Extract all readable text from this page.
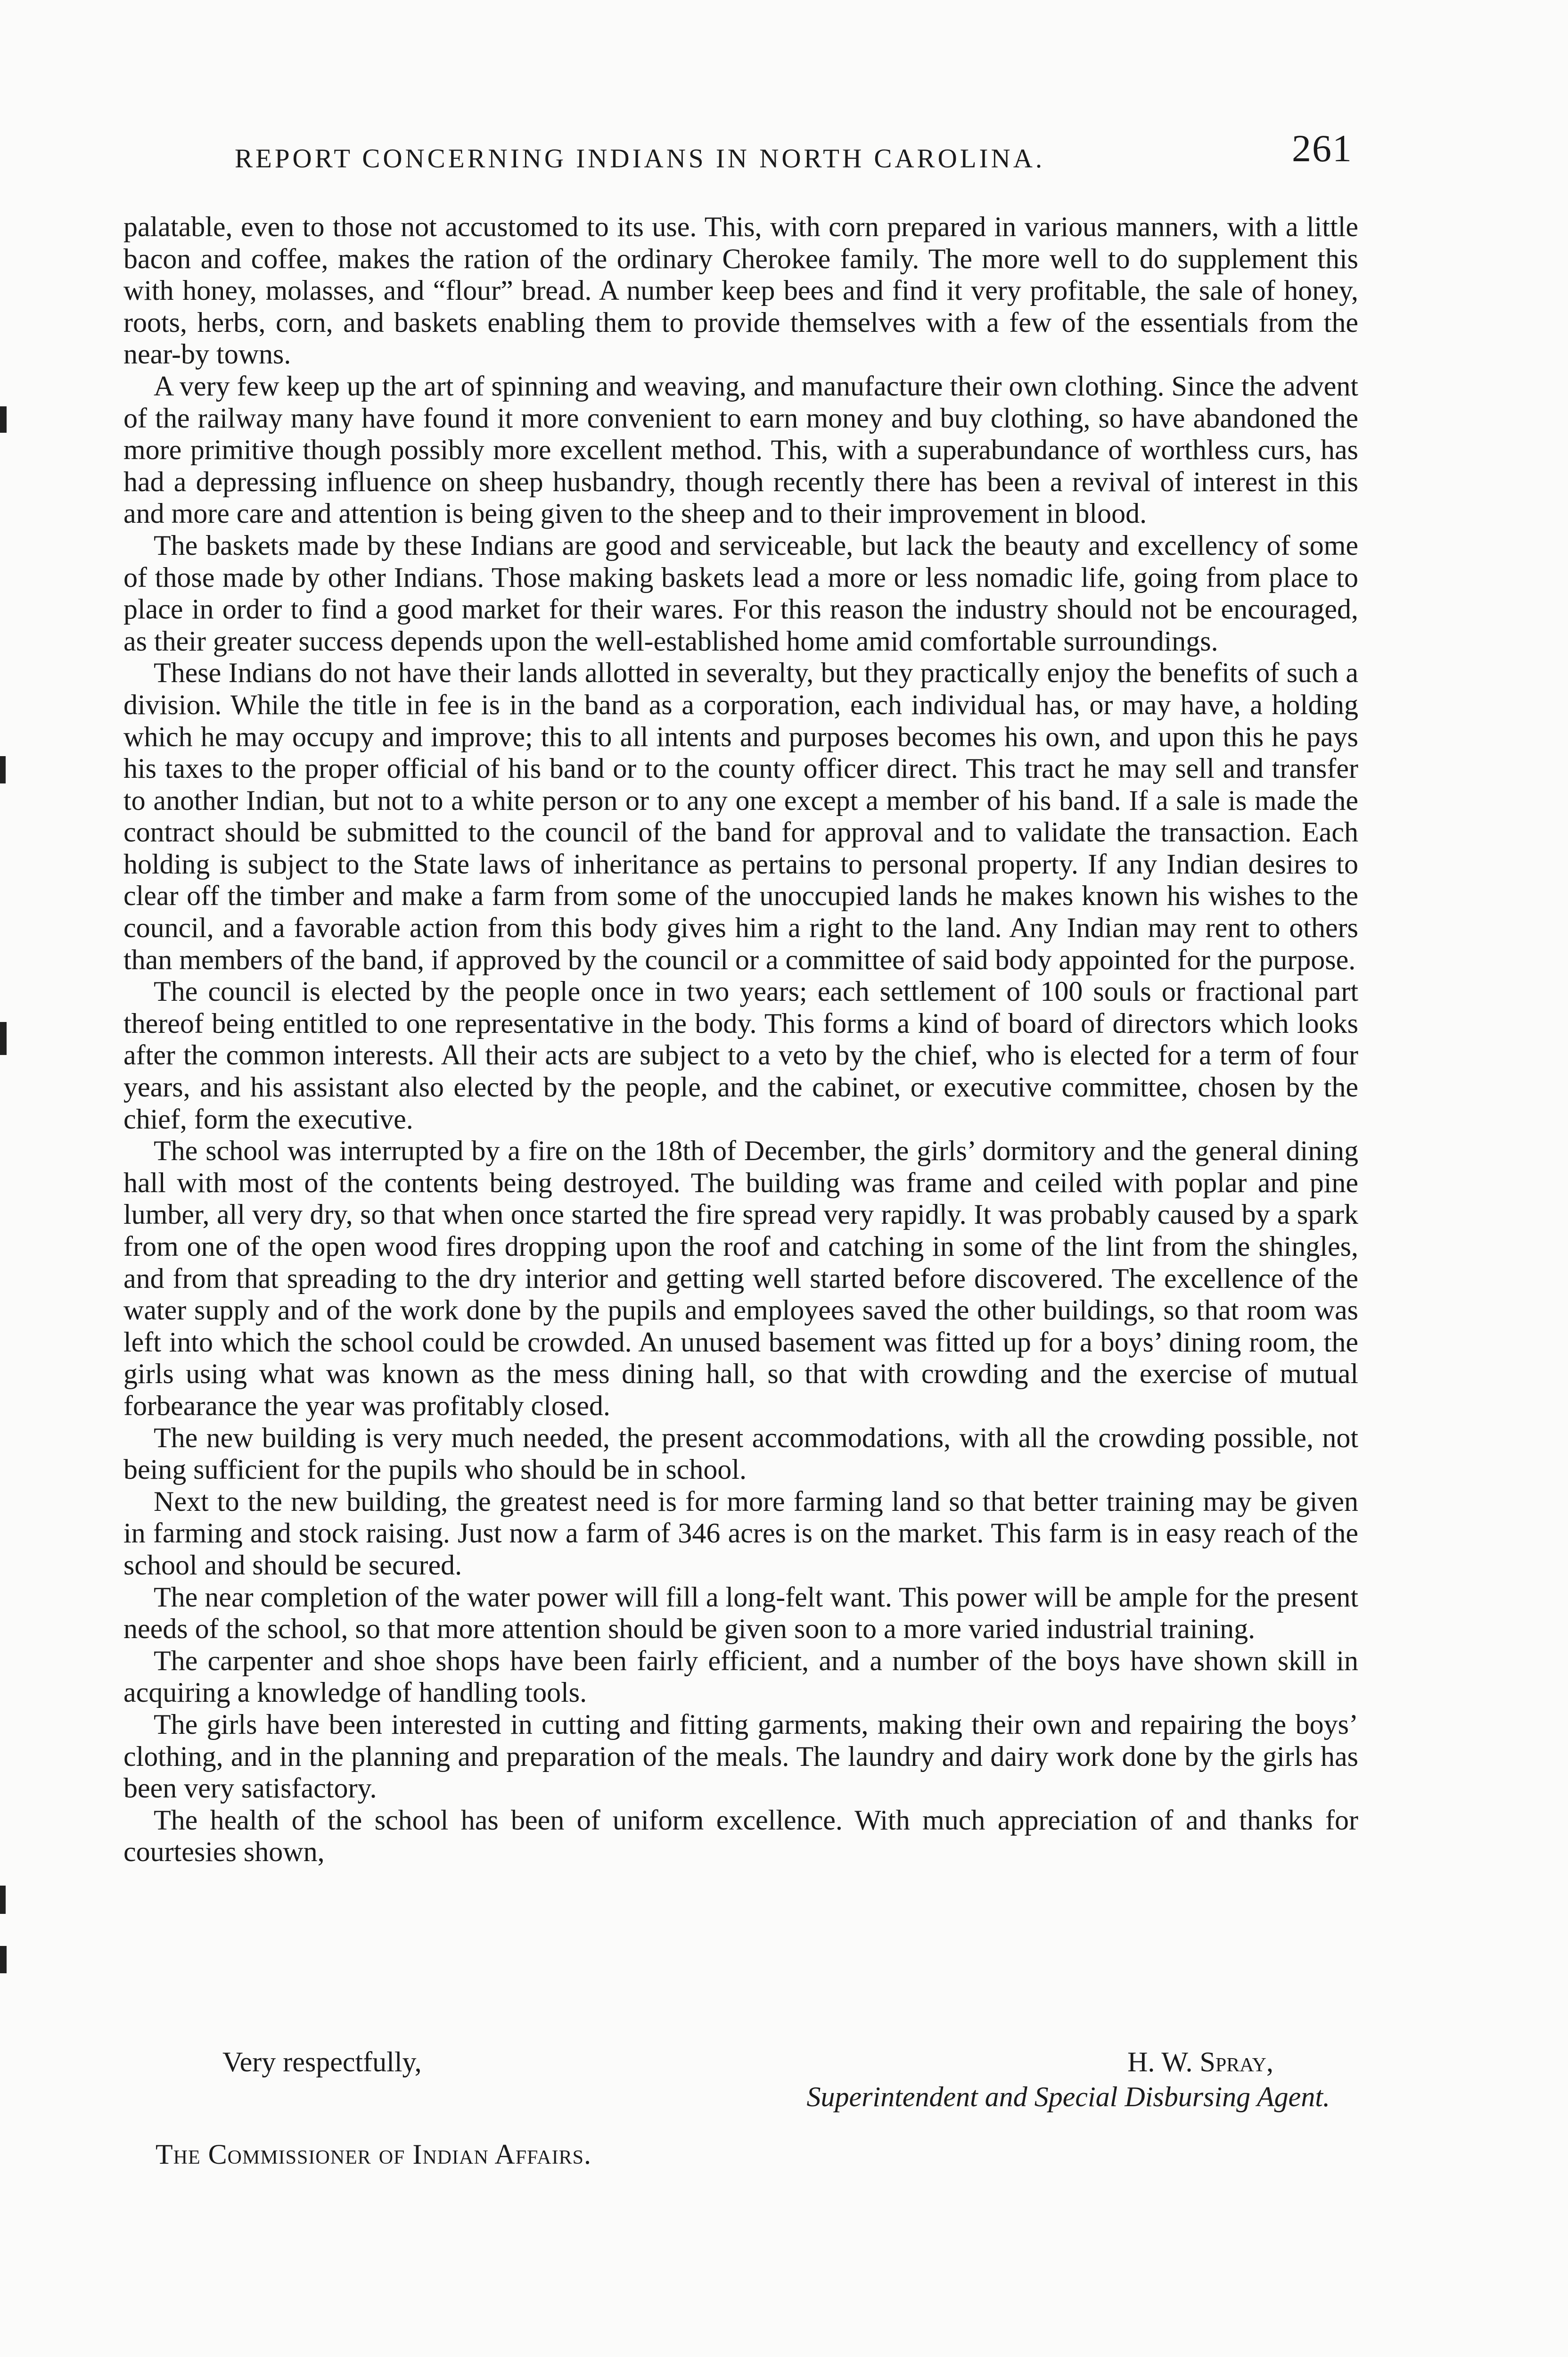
REPORT CONCERNING INDIANS IN NORTH CAROLINA.	261

palatable, even to those not accustomed to its use. This, with corn prepared in various manners, with a little bacon and coffee, makes the ration of the ordinary Cherokee family. The more well to do supplement this with honey, molasses, and “flour” bread. A number keep bees and find it very profitable, the sale of honey, roots, herbs, corn, and baskets enabling them to provide themselves with a few of the essentials from the near-by towns.

A very few keep up the art of spinning and weaving, and manufacture their own clothing. Since the advent of the railway many have found it more convenient to earn money and buy clothing, so have abandoned the more primitive though possibly more excellent method. This, with a superabundance of worthless curs, has had a depressing influence on sheep husbandry, though recently there has been a revival of interest in this and more care and attention is being given to the sheep and to their improvement in blood.

The baskets made by these Indians are good and serviceable, but lack the beauty and excellency of some of those made by other Indians. Those making baskets lead a more or less nomadic life, going from place to place in order to find a good market for their wares. For this reason the industry should not be encouraged, as their greater success depends upon the well-established home amid comfortable surroundings.

These Indians do not have their lands allotted in severalty, but they practically enjoy the benefits of such a division. While the title in fee is in the band as a corporation, each individual has, or may have, a holding which he may occupy and improve; this to all intents and purposes becomes his own, and upon this he pays his taxes to the proper official of his band or to the county officer direct. This tract he may sell and transfer to another Indian, but not to a white person or to any one except a member of his band. If a sale is made the contract should be submitted to the council of the band for approval and to validate the transaction. Each holding is subject to the State laws of inheritance as pertains to personal property. If any Indian desires to clear off the timber and make a farm from some of the unoccupied lands he makes known his wishes to the council, and a favorable action from this body gives him a right to the land. Any Indian may rent to others than members of the band, if approved by the council or a committee of said body appointed for the purpose.

The council is elected by the people once in two years; each settlement of 100 souls or fractional part thereof being entitled to one representative in the body. This forms a kind of board of directors which looks after the common interests. All their acts are subject to a veto by the chief, who is elected for a term of four years, and his assistant also elected by the people, and the cabinet, or executive committee, chosen by the chief, form the executive.

The school was interrupted by a fire on the 18th of December, the girls’ dormitory and the general dining hall with most of the contents being destroyed. The building was frame and ceiled with poplar and pine lumber, all very dry, so that when once started the fire spread very rapidly. It was probably caused by a spark from one of the open wood fires dropping upon the roof and catching in some of the lint from the shingles, and from that spreading to the dry interior and getting well started before discovered. The excellence of the water supply and of the work done by the pupils and employees saved the other buildings, so that room was left into which the school could be crowded. An unused basement was fitted up for a boys’ dining room, the girls using what was known as the mess dining hall, so that with crowding and the exercise of mutual forbearance the year was profitably closed.

The new building is very much needed, the present accommodations, with all the crowding possible, not being sufficient for the pupils who should be in school.

Next to the new building, the greatest need is for more farming land so that better training may be given in farming and stock raising. Just now a farm of 346 acres is on the market. This farm is in easy reach of the school and should be secured.

The near completion of the water power will fill a long-felt want. This power will be ample for the present needs of the school, so that more attention should be given soon to a more varied industrial training.

The carpenter and shoe shops have been fairly efficient, and a number of the boys have shown skill in acquiring a knowledge of handling tools.

The girls have been interested in cutting and fitting garments, making their own and repairing the boys’ clothing, and in the planning and preparation of the meals. The laundry and dairy work done by the girls has been very satisfactory.

The health of the school has been of uniform excellence. With much appreciation of and thanks for courtesies shown,

Very respectfully,	H. W. Spray,
Superintendent and Special Disbursing Agent.
The Commissioner of Indian Affairs.
